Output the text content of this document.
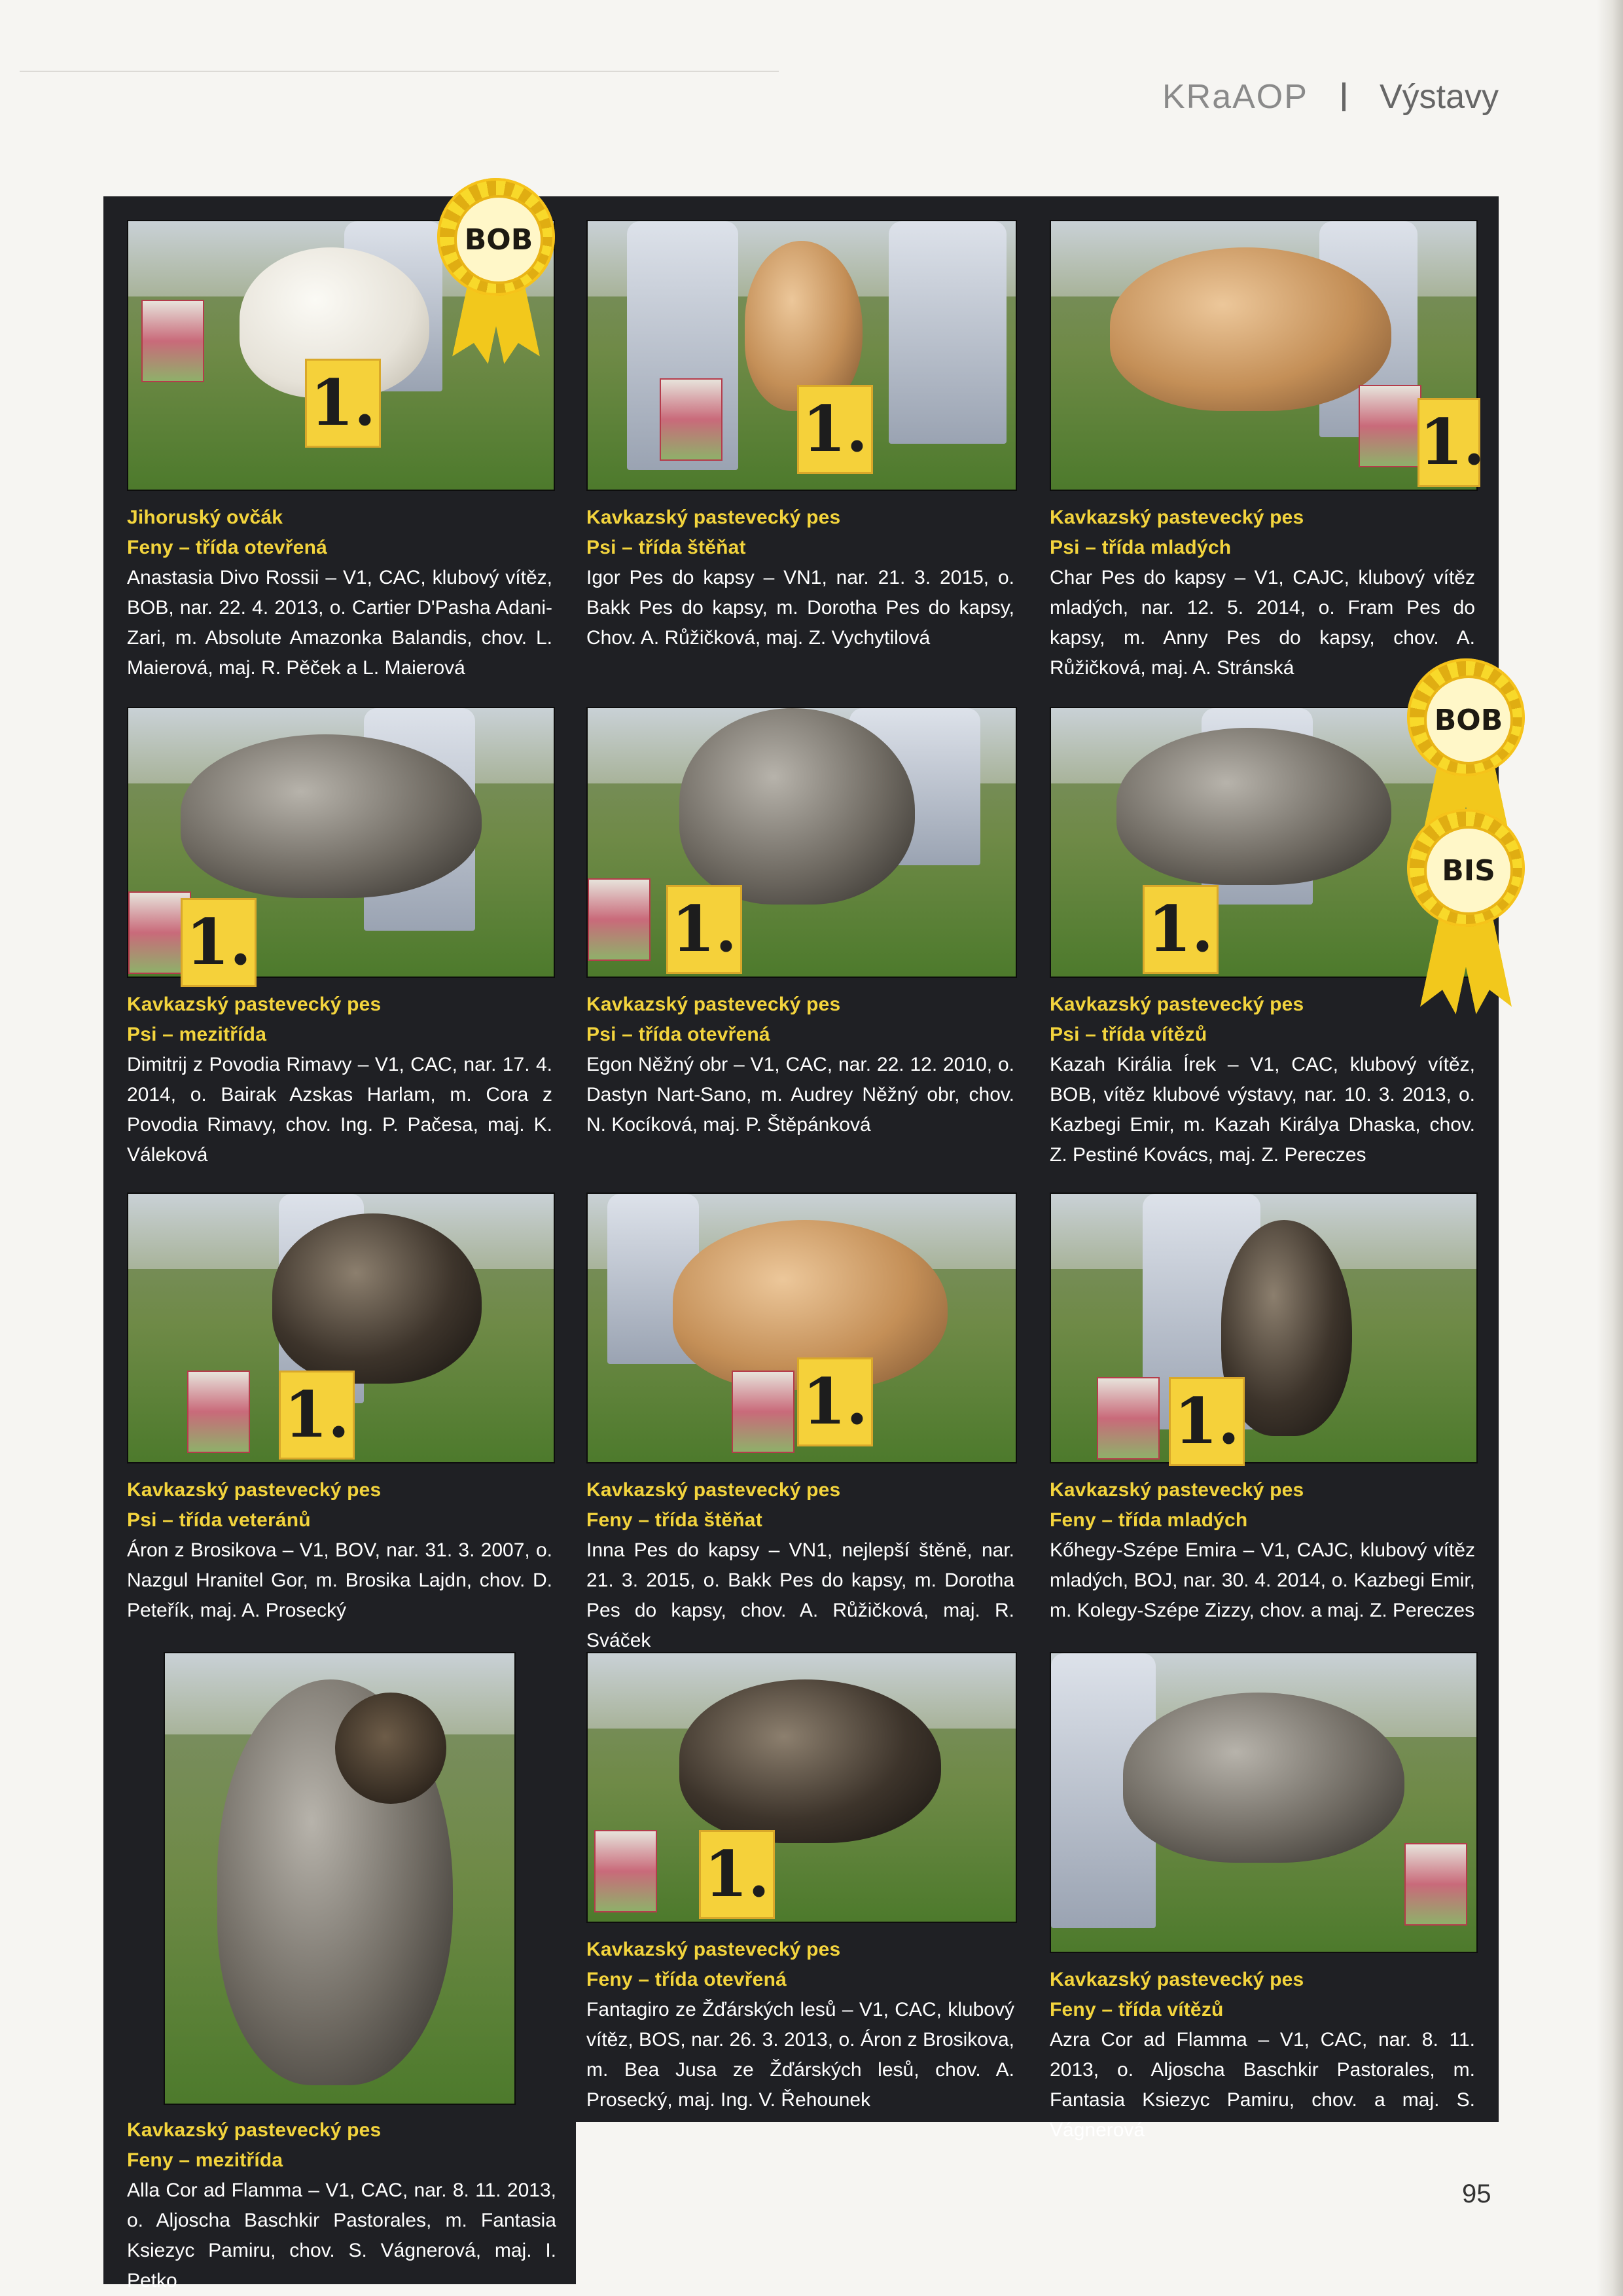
KRaAOP Výstavy
1.	1.	1.
1.	1.	1.
1.	1.	1.
1.
BOB
BOB
BIS
Jihoruský ovčák
Feny – třída otevřená
Anastasia Divo Rossii – V1, CAC, klubový vítěz, BOB, nar. 22. 4. 2013, o. Cartier D'Pasha Adani-Zari, m. Absolute Amazonka Balandis, chov. L. Maierová, maj. R. Pěček a L. Maierová
Kavkazský pastevecký pes
Psi – třída štěňat
Igor Pes do kapsy – VN1, nar. 21. 3. 2015, o. Bakk Pes do kapsy, m. Dorotha Pes do kapsy, Chov. A. Růžičková, maj. Z. Vychytilová
Kavkazský pastevecký pes
Psi – třída mladých
Char Pes do kapsy – V1, CAJC, klubový vítěz mladých, nar. 12. 5. 2014, o. Fram Pes do kapsy, m. Anny Pes do kapsy, chov. A. Růžičková, maj. A. Stránská
Kavkazský pastevecký pes
Psi – mezitřída
Dimitrij z Povodia Rimavy – V1, CAC, nar. 17. 4. 2014, o. Bairak Azskas Harlam, m. Cora z Povodia Rimavy, chov. Ing. P. Pačesa, maj. K. Váleková
Kavkazský pastevecký pes
Psi – třída otevřená
Egon Něžný obr – V1, CAC, nar. 22. 12. 2010, o. Dastyn Nart-Sano, m. Audrey Něžný obr, chov. N. Kocíková, maj. P. Štěpánková
Kavkazský pastevecký pes
Psi – třída vítězů
Kazah Királia Írek – V1, CAC, klubový vítěz, BOB, vítěz klubové výstavy, nar. 10. 3. 2013, o. Kazbegi Emir, m. Kazah Királya Dhaska, chov. Z. Pestiné Kovács, maj. Z. Pereczes
Kavkazský pastevecký pes
Psi – třída veteránů
Áron z Brosikova – V1, BOV, nar. 31. 3. 2007, o. Nazgul Hranitel Gor, m. Brosika Lajdn, chov. D. Peteřík, maj. A. Prosecký
Kavkazský pastevecký pes
Feny – třída štěňat
Inna Pes do kapsy – VN1, nejlepší štěně, nar. 21. 3. 2015, o. Bakk Pes do kapsy, m. Dorotha Pes do kapsy, chov. A. Růžičková, maj. R. Sváček
Kavkazský pastevecký pes
Feny – třída mladých
Kőhegy-Szépe Emira – V1, CAJC, klubový vítěz mladých, BOJ, nar. 30. 4. 2014, o. Kazbegi Emir, m. Kolegy-Szépe Zizzy, chov. a maj. Z. Pereczes
Kavkazský pastevecký pes
Feny – mezitřída
Alla Cor ad Flamma – V1, CAC, nar. 8. 11. 2013, o. Aljoscha Baschkir Pastorales, m. Fantasia Ksiezyc Pamiru, chov. S. Vágnerová, maj. I. Petko
Kavkazský pastevecký pes
Feny – třída otevřená
Fantagiro ze Žďárských lesů – V1, CAC, klubový vítěz, BOS, nar. 26. 3. 2013, o. Áron z Brosikova, m. Bea Jusa ze Žďárských lesů, chov. A. Prosecký, maj. Ing. V. Řehounek
Kavkazský pastevecký pes
Feny – třída vítězů
Azra Cor ad Flamma – V1, CAC, nar. 8. 11. 2013, o. Aljoscha Baschkir Pastorales, m. Fantasia Ksiezyc Pamiru, chov. a maj. S. Vágnerová
95
